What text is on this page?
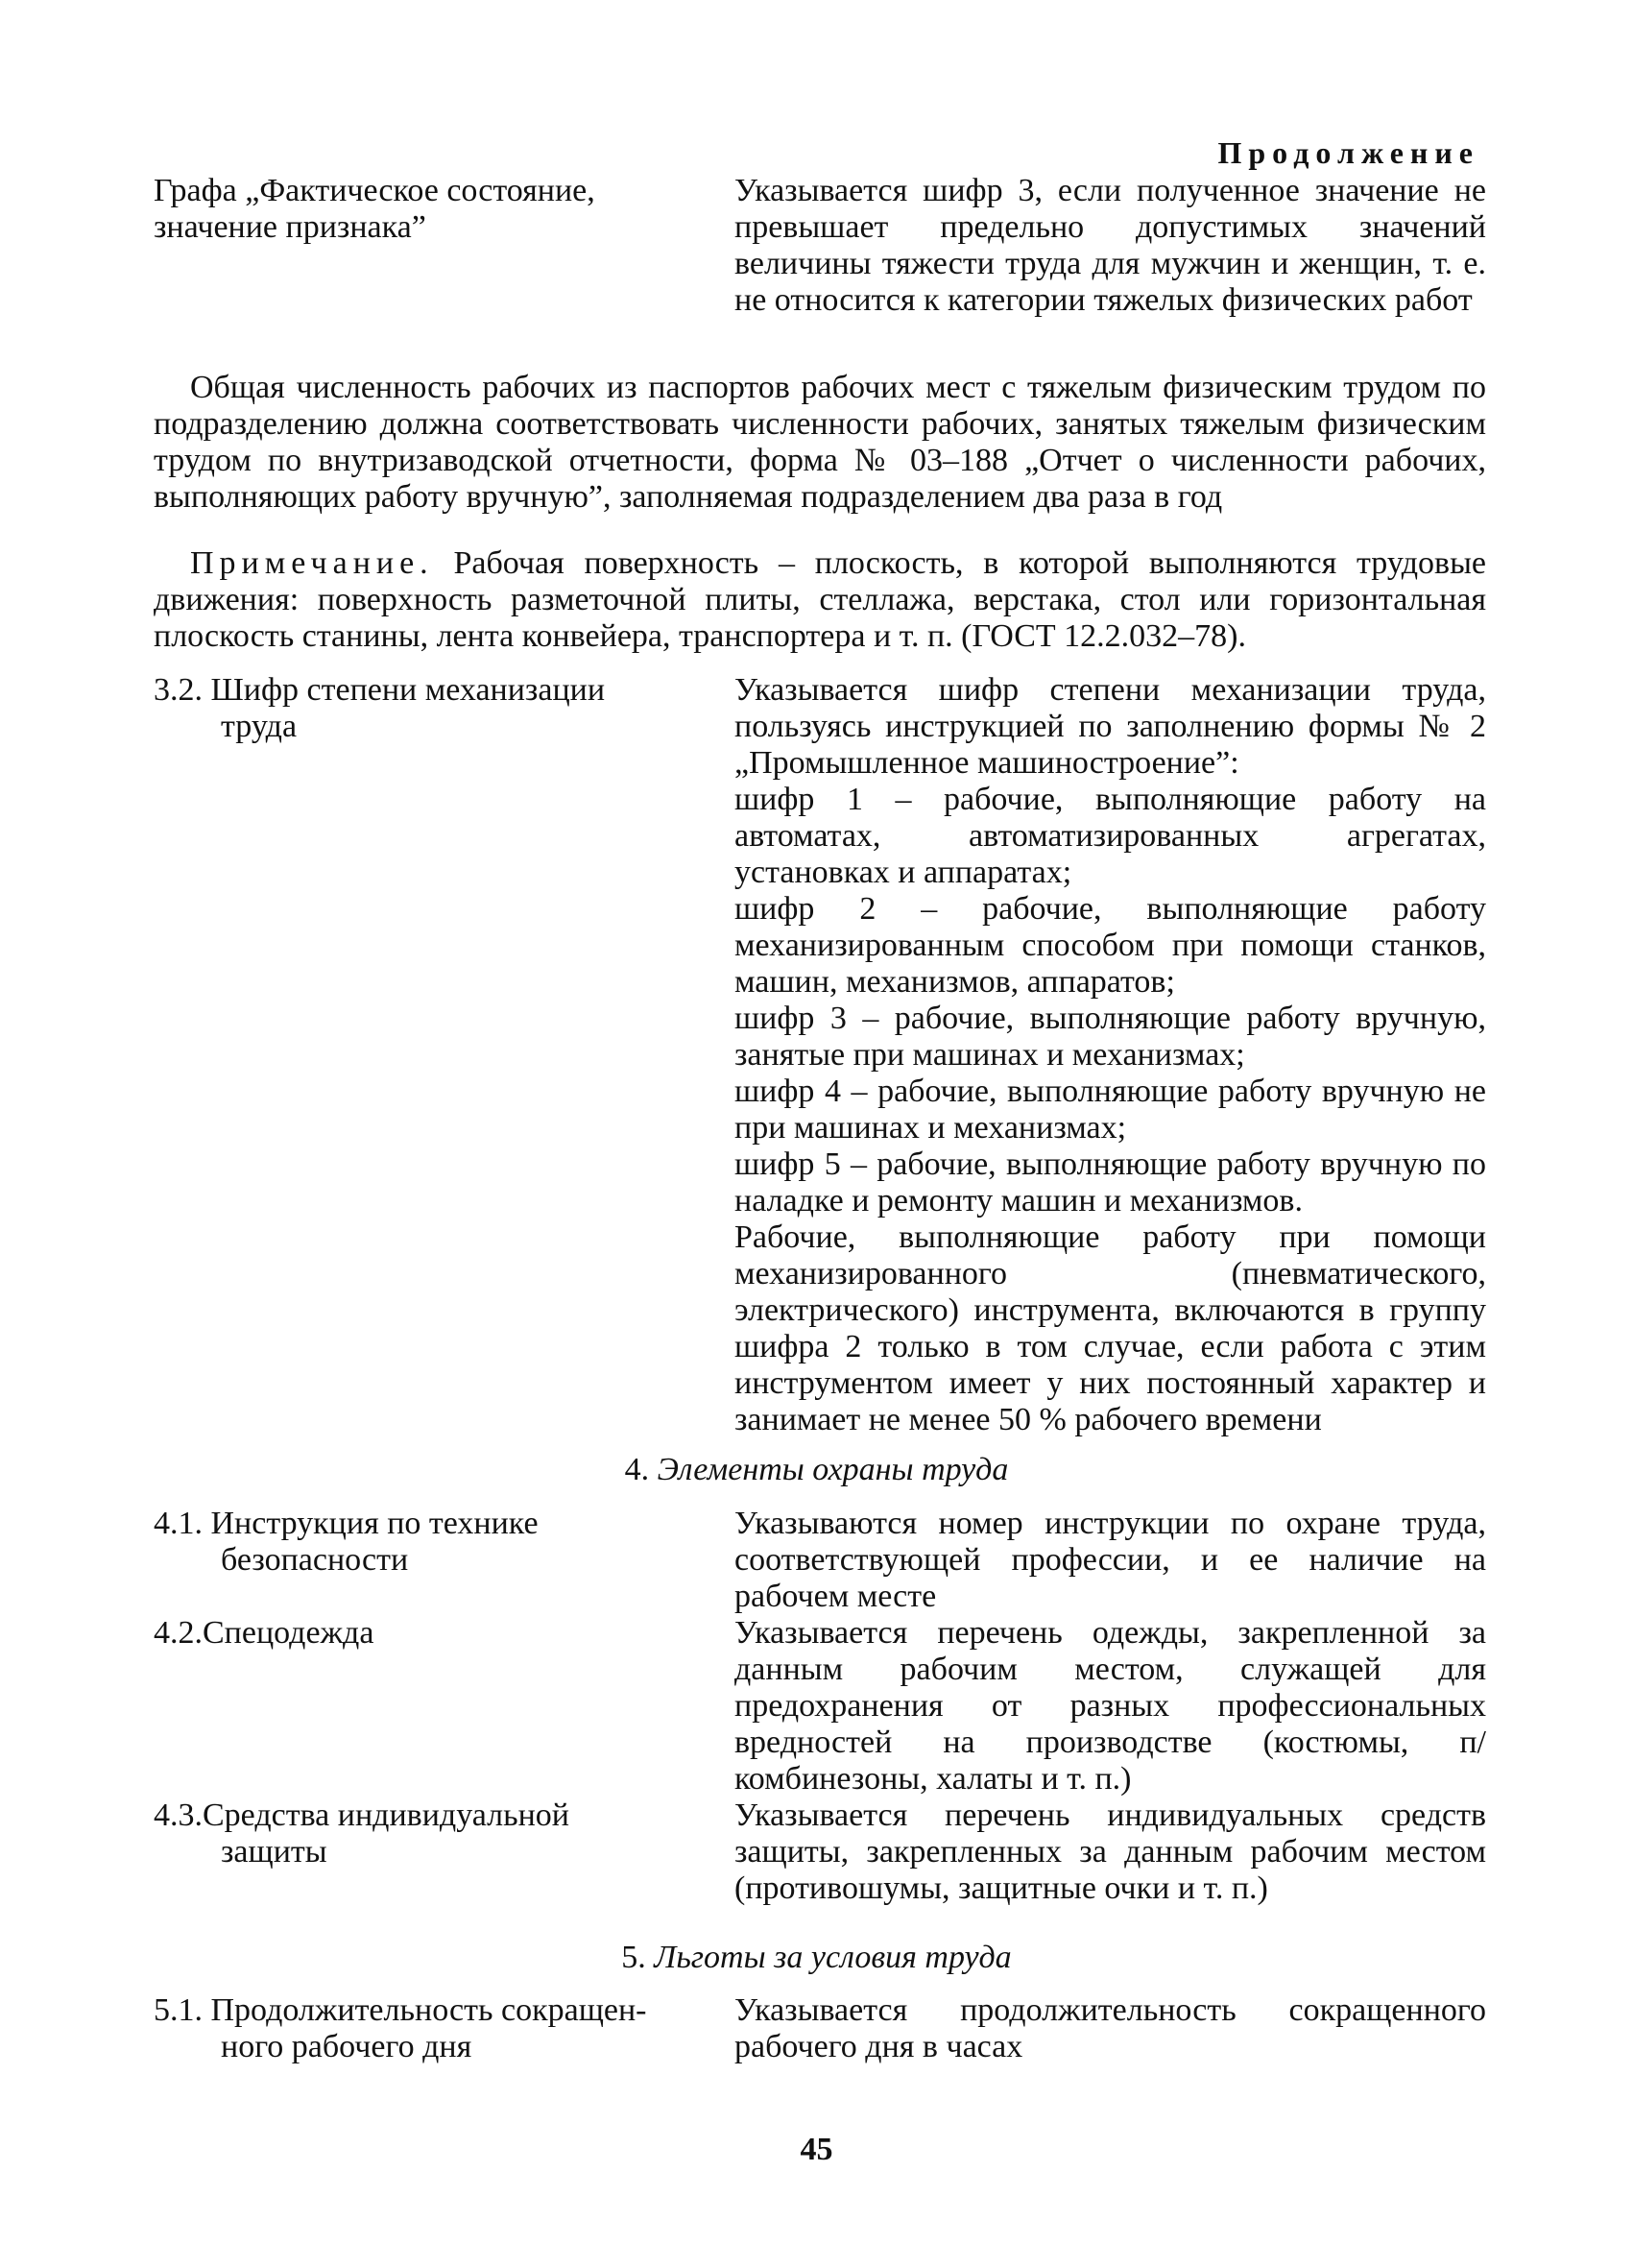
Продолжение
Графа „Фактическое состояние, значение признака”
Указывается шифр 3, если полученное значение не превышает предельно допустимых значений величины тяжести труда для мужчин и женщин, т. е. не относится к категории тяжелых физических работ
Общая численность рабочих из паспортов рабочих мест с тяжелым физическим трудом по подразделению должна соответствовать численности рабочих, занятых тяжелым физическим трудом по внутризаводской отчетности, форма № 03–188 „Отчет о численности рабочих, выполняющих работу вручную”, заполняемая подразделением два раза в год
Примечание. Рабочая поверхность – плоскость, в которой выполняются трудовые движения: поверхность разметочной плиты, стеллажа, верстака, стол или горизонтальная плоскость станины, лента конвейера, транспортера и т. п. (ГОСТ 12.2.032–78).
3.2. Шифр степени механизации
труда

Указывается шифр степени механизации труда, пользуясь инструкцией по заполнению формы № 2 „Промышленное машиностроение”:

шифр 1 – рабочие, выполняющие работу на автоматах, автоматизированных агрегатах, установках и аппаратах;

шифр 2 – рабочие, выполняющие работу механизированным способом при помощи станков, машин, механизмов, аппаратов;

шифр 3 – рабочие, выполняющие работу вручную, занятые при машинах и механизмах;

шифр 4 – рабочие, выполняющие работу вручную не при машинах и механизмах;

шифр 5 – рабочие, выполняющие работу вручную по наладке и ремонту машин и механизмов.

Рабочие, выполняющие работу при помощи механизированного (пневматического, электрического) инструмента, включаются в группу шифра 2 только в том случае, если работа с этим инструментом имеет у них постоянный характер и занимает не менее 50 % рабочего времени

4. Элементы охраны труда
4.1. Инструкция по технике
безопасности
Указываются номер инструкции по охране труда, соответствующей профессии, и ее наличие на рабочем месте
4.2.Спецодежда	Указывается перечень одежды, закрепленной за данным рабочим местом, служащей для предохранения от разных профессиональных вредностей на производстве (костюмы, п/комбинезоны, халаты и т. п.)
4.3.Средства индивидуальной
защиты
Указывается перечень индивидуальных средств защиты, закрепленных за данным рабочим местом (противошумы, защитные очки и т. п.)
5. Льготы за условия труда
5.1. Продолжительность сокращен-
ного рабочего дня
Указывается продолжительность сокращенного рабочего дня в часах
45
